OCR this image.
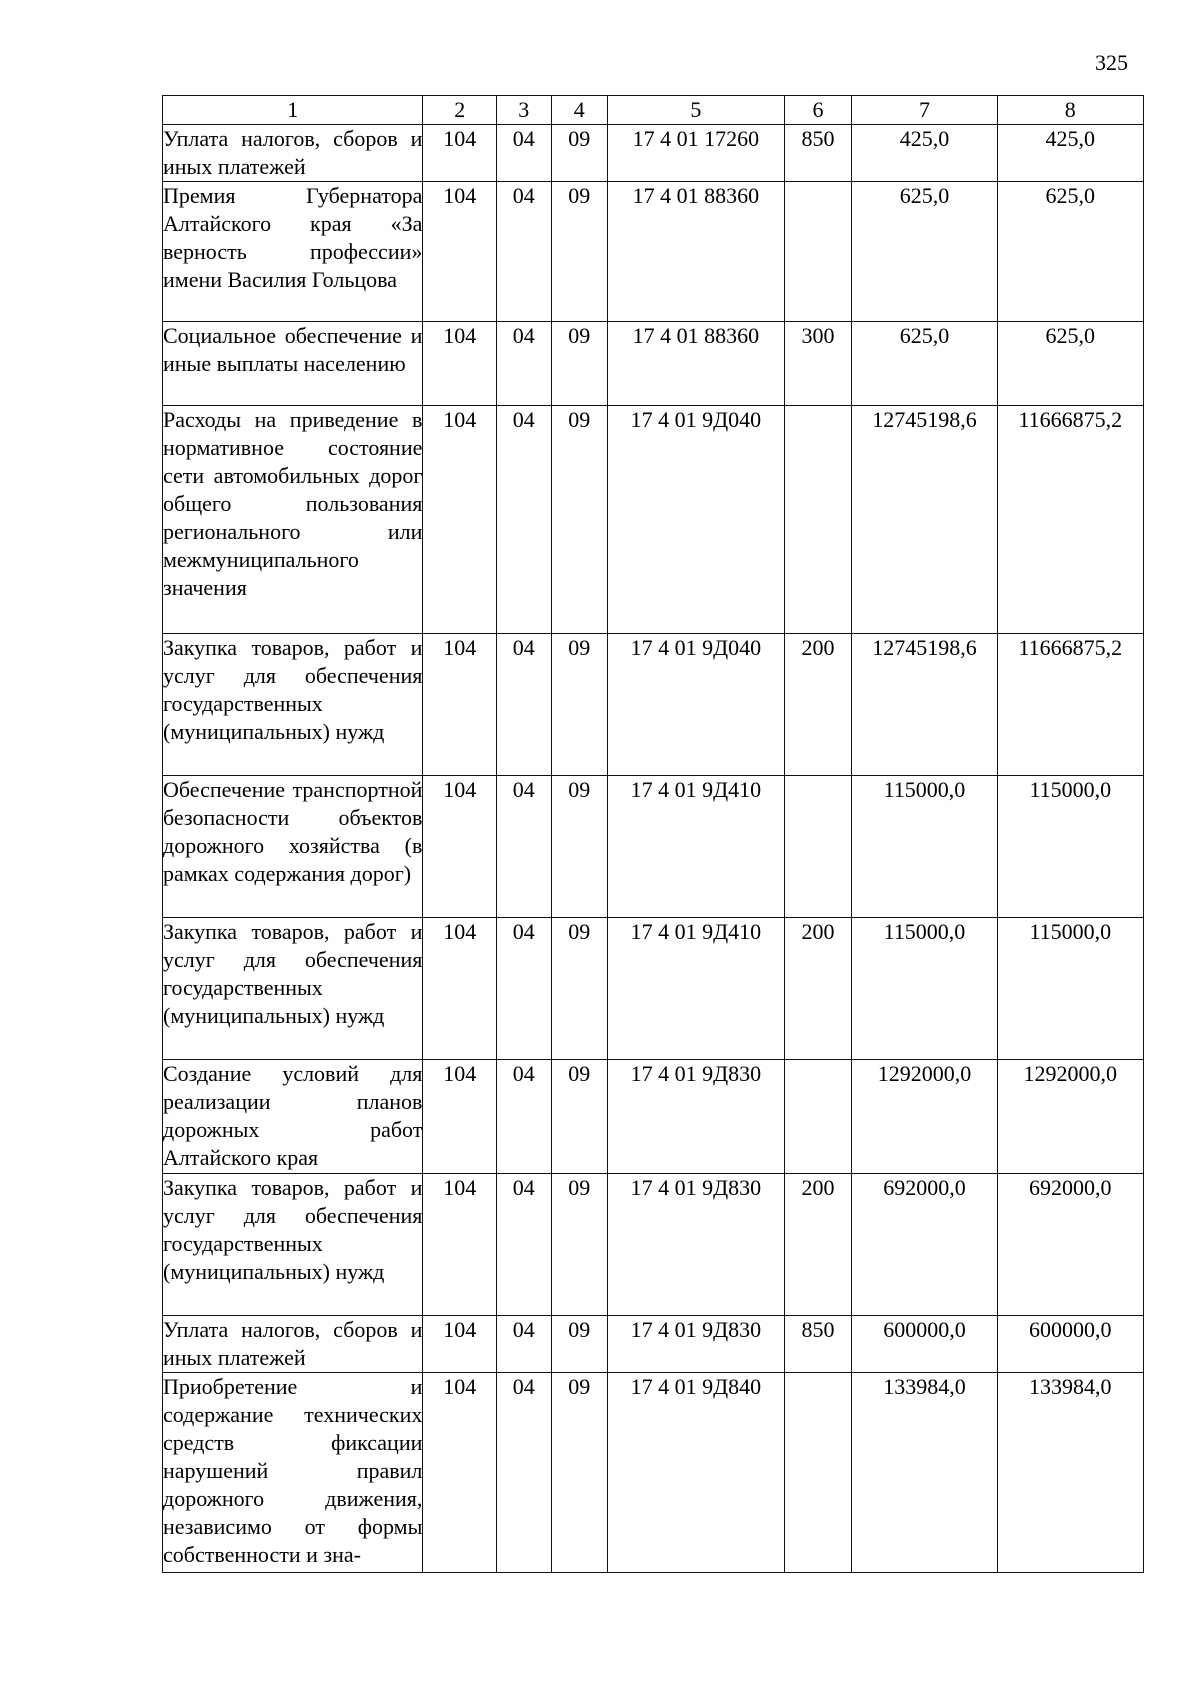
325
1	2	3	4	5	6	7	8
Уплата налогов, сборов и иных платежей	104	04	09	17 4 01 17260	850	425,0	425,0
Премия Губернатора Алтайского края «За верность профессии» имени Василия Гольцова	104	04	09	17 4 01 88360		625,0	625,0
Социальное обеспечение и иные выплаты населению	104	04	09	17 4 01 88360	300	625,0	625,0
Расходы на приведение в нормативное состояние сети автомобильных дорог общего пользования регионального или межмуниципального значения	104	04	09	17 4 01 9Д040		12745198,6	11666875,2
Закупка товаров, работ и услуг для обеспечения государственных (муниципальных) нужд	104	04	09	17 4 01 9Д040	200	12745198,6	11666875,2
Обеспечение транспортной безопасности объектов дорожного хозяйства (в рамках содержания дорог)	104	04	09	17 4 01 9Д410		115000,0	115000,0
Закупка товаров, работ и услуг для обеспечения государственных (муниципальных) нужд	104	04	09	17 4 01 9Д410	200	115000,0	115000,0
Создание условий для реализации планов дорожных работ Алтайского края	104	04	09	17 4 01 9Д830		1292000,0	1292000,0
Закупка товаров, работ и услуг для обеспечения государственных (муниципальных) нужд	104	04	09	17 4 01 9Д830	200	692000,0	692000,0
Уплата налогов, сборов и иных платежей	104	04	09	17 4 01 9Д830	850	600000,0	600000,0
Приобретение и содержание технических средств фиксации нарушений правил дорожного движения, независимо от формы собственности и зна-	104	04	09	17 4 01 9Д840		133984,0	133984,0
